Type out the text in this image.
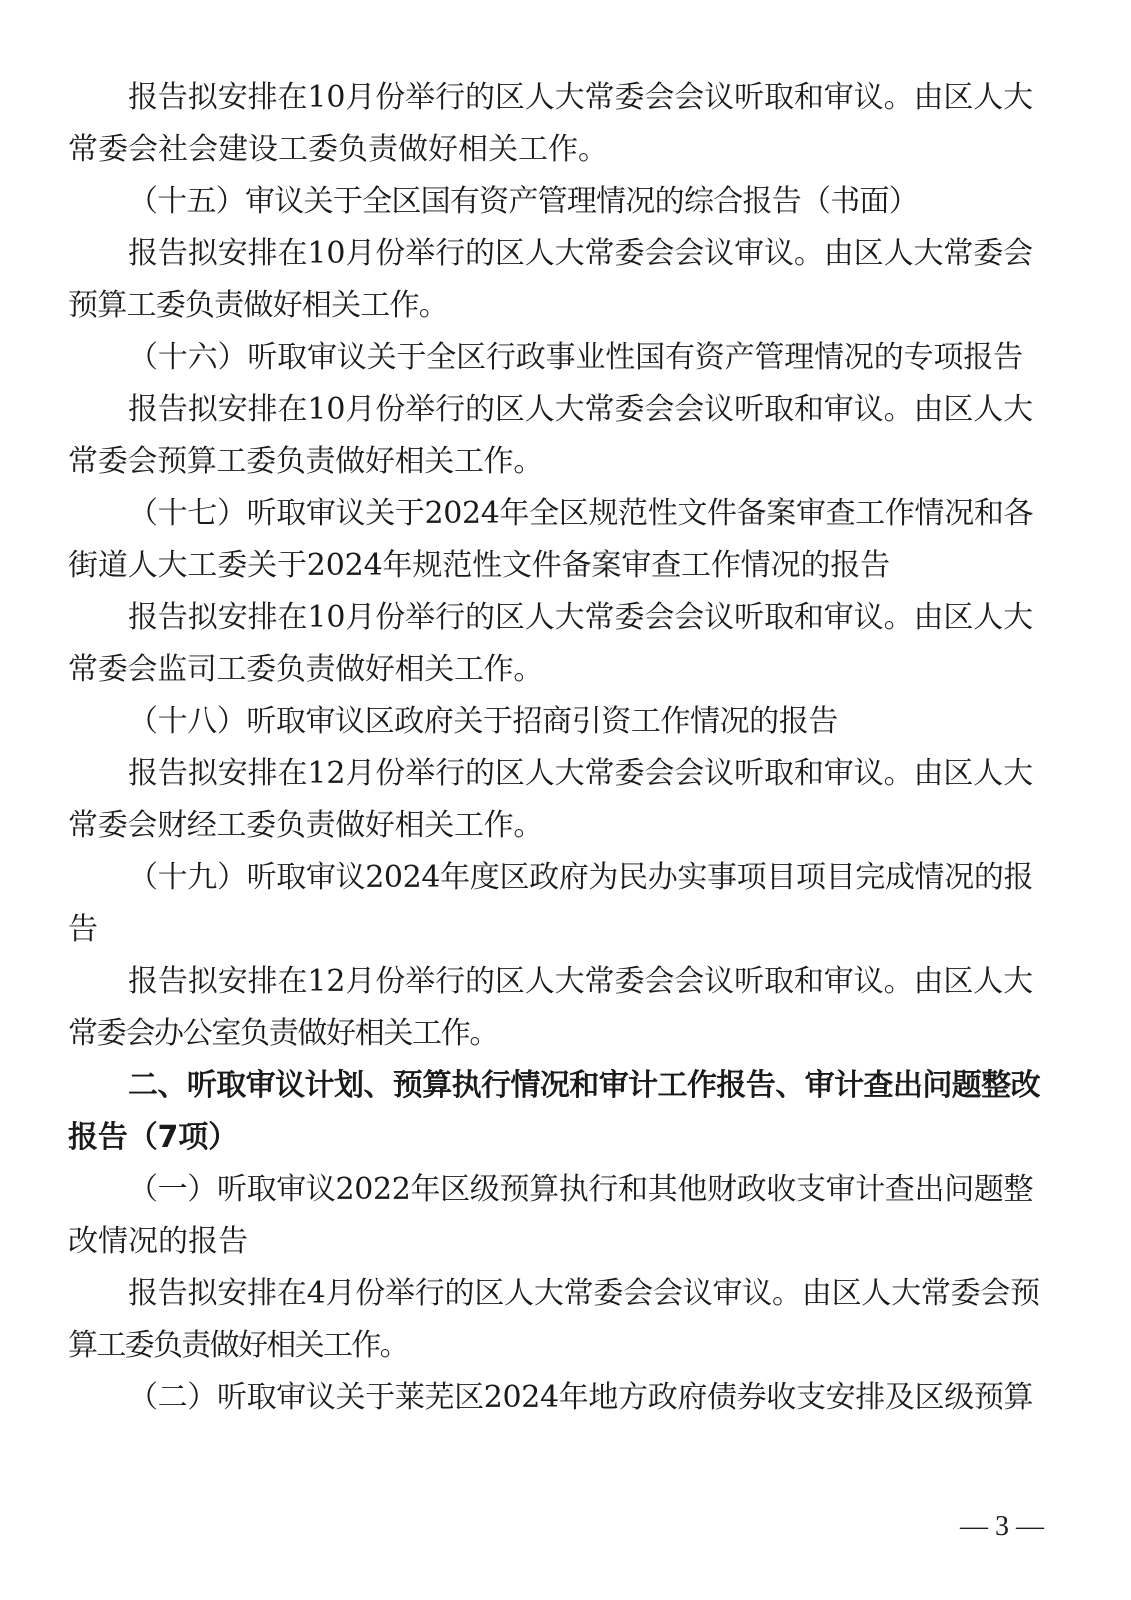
报告拟安排在10月份举行的区人大常委会会议听取和审议。由区人大

常委会社会建设工委负责做好相关工作。

（十五）审议关于全区国有资产管理情况的综合报告（书面）

报告拟安排在10月份举行的区人大常委会会议审议。由区人大常委会

预算工委负责做好相关工作。

（十六）听取审议关于全区行政事业性国有资产管理情况的专项报告

报告拟安排在10月份举行的区人大常委会会议听取和审议。由区人大

常委会预算工委负责做好相关工作。

（十七）听取审议关于2024年全区规范性文件备案审查工作情况和各

街道人大工委关于2024年规范性文件备案审查工作情况的报告

报告拟安排在10月份举行的区人大常委会会议听取和审议。由区人大

常委会监司工委负责做好相关工作。

（十八）听取审议区政府关于招商引资工作情况的报告

报告拟安排在12月份举行的区人大常委会会议听取和审议。由区人大

常委会财经工委负责做好相关工作。

（十九）听取审议2024年度区政府为民办实事项目项目完成情况的报

告

报告拟安排在12月份举行的区人大常委会会议听取和审议。由区人大

常委会办公室负责做好相关工作。

二、听取审议计划、预算执行情况和审计工作报告、审计查出问题整改

报告（7项）

（一）听取审议2022年区级预算执行和其他财政收支审计查出问题整

改情况的报告

报告拟安排在4月份举行的区人大常委会会议审议。由区人大常委会预

算工委负责做好相关工作。

（二）听取审议关于莱芜区2024年地方政府债券收支安排及区级预算

— 3 —
